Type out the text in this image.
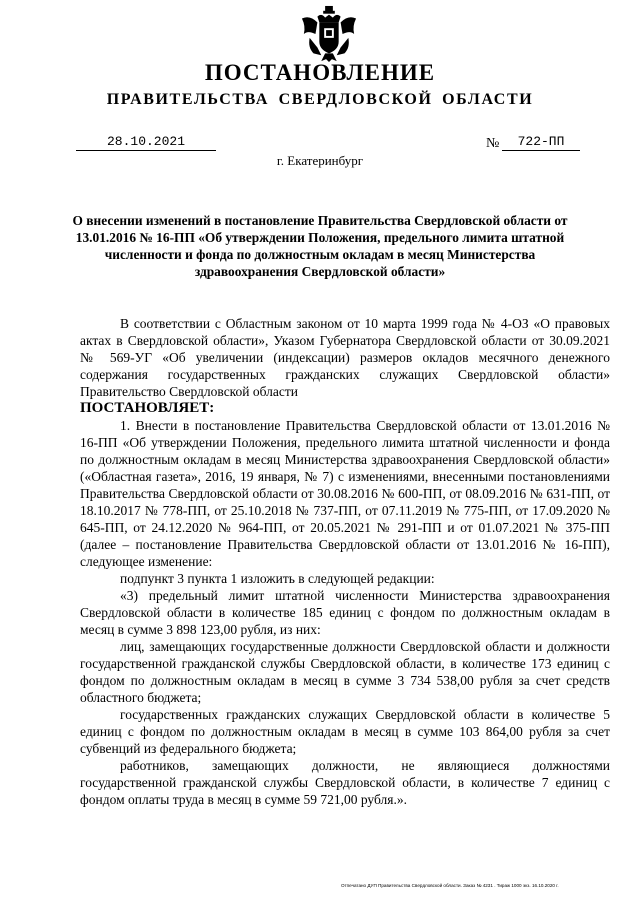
ПОСТАНОВЛЕНИЕ
ПРАВИТЕЛЬСТВА СВЕРДЛОВСКОЙ ОБЛАСТИ
28.10.2021	№	722-ПП
г. Екатеринбург
О внесении изменений в постановление Правительства Свердловской области от 13.01.2016 № 16-ПП «Об утверждении Положения, предельного лимита штатной численности и фонда по должностным окладам в месяц Министерства здравоохранения Свердловской области»

В соответствии с Областным законом от 10 марта 1999 года № 4-ОЗ «О правовых актах в Свердловской области», Указом Губернатора Свердловской области от 30.09.2021 № 569-УГ «Об увеличении (индексации) размеров окладов месячного денежного содержания государственных гражданских служащих Свердловской области» Правительство Свердловской области

ПОСТАНОВЛЯЕТ:

1. Внести в постановление Правительства Свердловской области от 13.01.2016 № 16-ПП «Об утверждении Положения, предельного лимита штатной численности и фонда по должностным окладам в месяц Министерства здравоохранения Свердловской области» («Областная газета», 2016, 19 января, № 7) с изменениями, внесенными постановлениями Правительства Свердловской области от 30.08.2016 № 600-ПП, от 08.09.2016 № 631-ПП, от 18.10.2017 № 778-ПП, от 25.10.2018 № 737-ПП, от 07.11.2019 № 775-ПП, от 17.09.2020 № 645-ПП, от 24.12.2020 № 964-ПП, от 20.05.2021 № 291-ПП и от 01.07.2021 № 375-ПП (далее – постановление Правительства Свердловской области от 13.01.2016 № 16-ПП), следующее изменение:

подпункт 3 пункта 1 изложить в следующей редакции:

«3) предельный лимит штатной численности Министерства здравоохранения Свердловской области в количестве 185 единиц с фондом по должностным окладам в месяц в сумме 3 898 123,00 рубля, из них:

лиц, замещающих государственные должности Свердловской области и должности государственной гражданской службы Свердловской области, в количестве 173 единиц с фондом по должностным окладам в месяц в сумме 3 734 538,00 рубля за счет средств областного бюджета;

государственных гражданских служащих Свердловской области в количестве 5 единиц с фондом по должностным окладам в месяц в сумме 103 864,00 рубля за счет субвенций из федерального бюджета;

работников, замещающих должности, не являющиеся должностями государственной гражданской службы Свердловской области, в количестве 7 единиц с фондом оплаты труда в месяц в сумме 59 721,00 рубля.».

Отпечатано ДУП Правительства Свердловской области. Заказ № 4231 . Тираж 1000 экз. 16.10.2020 г.
